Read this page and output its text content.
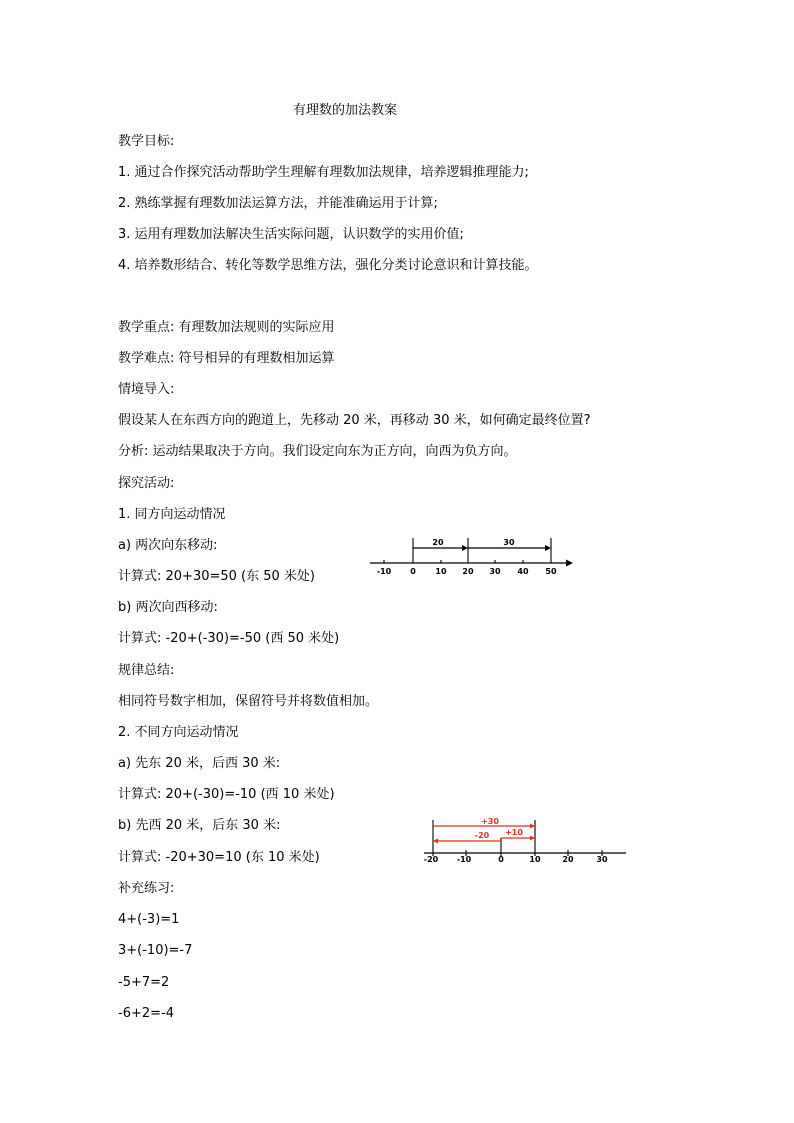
有理数的加法教案
教学目标:
1. 通过合作探究活动帮助学生理解有理数加法规律，培养逻辑推理能力;
2. 熟练掌握有理数加法运算方法，并能准确运用于计算;
3. 运用有理数加法解决生活实际问题，认识数学的实用价值;
4. 培养数形结合、转化等数学思维方法，强化分类讨论意识和计算技能。
教学重点: 有理数加法规则的实际应用
教学难点: 符号相异的有理数相加运算
情境导入:
假设某人在东西方向的跑道上，先移动 20 米，再移动 30 米，如何确定最终位置?
分析: 运动结果取决于方向。我们设定向东为正方向，向西为负方向。
探究活动:
1. 同方向运动情况
a) 两次向东移动:
计算式: 20+30=50 (东 50 米处)
b) 两次向西移动:
计算式: -20+(-30)=-50 (西 50 米处)
规律总结:
相同符号数字相加，保留符号并将数值相加。
2. 不同方向运动情况
a) 先东 20 米，后西 30 米:
计算式: 20+(-30)=-10 (西 10 米处)
b) 先西 20 米，后东 30 米:
计算式: -20+30=10 (东 10 米处)
补充练习:
4+(-3)=1
3+(-10)=-7
-5+7=2
-6+2=-4
20	30
-10 0 10 20 30 40 50
+30
-20 +10
-20 -10	0	10	20	30
